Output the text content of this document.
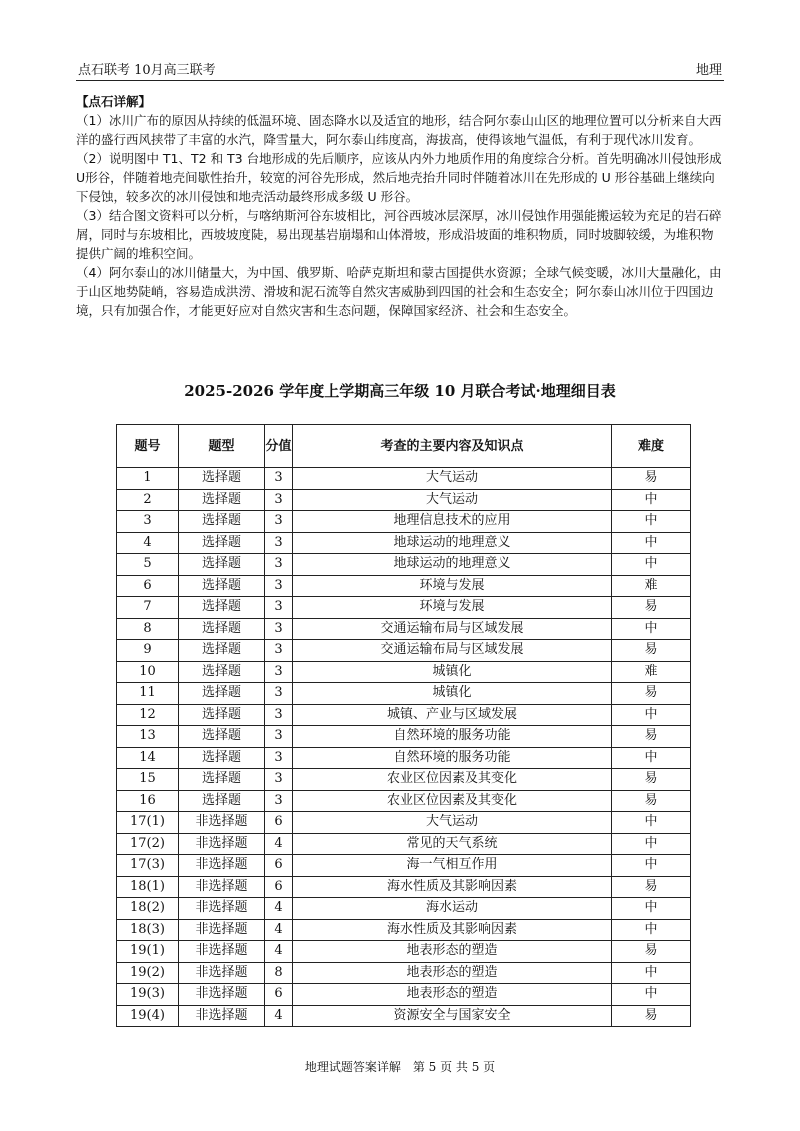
点石联考 10月高三联考	地理

【点石详解】

（1）冰川广布的原因从持续的低温环境、固态降水以及适宜的地形，结合阿尔泰山山区的地理位置可以分析来自大西洋的盛行西风挟带了丰富的水汽，降雪量大，阿尔泰山纬度高，海拔高，使得该地气温低，有利于现代冰川发育。

（2）说明图中 T1、T2 和 T3 台地形成的先后顺序，应该从内外力地质作用的角度综合分析。首先明确冰川侵蚀形成 U形谷，伴随着地壳间歇性抬升，较宽的河谷先形成，然后地壳抬升同时伴随着冰川在先形成的 U 形谷基础上继续向下侵蚀，较多次的冰川侵蚀和地壳活动最终形成多级 U 形谷。

（3）结合图文资料可以分析，与喀纳斯河谷东坡相比，河谷西坡冰层深厚，冰川侵蚀作用强能搬运较为充足的岩石碎屑，同时与东坡相比，西坡坡度陡，易出现基岩崩塌和山体滑坡，形成沿坡面的堆积物质，同时坡脚较缓，为堆积物提供广阔的堆积空间。

（4）阿尔泰山的冰川储量大，为中国、俄罗斯、哈萨克斯坦和蒙古国提供水资源；全球气候变暖，冰川大量融化，由于山区地势陡峭，容易造成洪涝、滑坡和泥石流等自然灾害威胁到四国的社会和生态安全；阿尔泰山冰川位于四国边境，只有加强合作，才能更好应对自然灾害和生态问题，保障国家经济、社会和生态安全。

2025-2026 学年度上学期高三年级 10 月联合考试·地理细目表
题号	题型	分值	考查的主要内容及知识点	难度
1	选择题	3	大气运动	易
2	选择题	3	大气运动	中
3	选择题	3	地理信息技术的应用	中
4	选择题	3	地球运动的地理意义	中
5	选择题	3	地球运动的地理意义	中
6	选择题	3	环境与发展	难
7	选择题	3	环境与发展	易
8	选择题	3	交通运输布局与区域发展	中
9	选择题	3	交通运输布局与区域发展	易
10	选择题	3	城镇化	难
11	选择题	3	城镇化	易
12	选择题	3	城镇、产业与区域发展	中
13	选择题	3	自然环境的服务功能	易
14	选择题	3	自然环境的服务功能	中
15	选择题	3	农业区位因素及其变化	易
16	选择题	3	农业区位因素及其变化	易
17(1)	非选择题	6	大气运动	中
17(2)	非选择题	4	常见的天气系统	中
17(3)	非选择题	6	海一气相互作用	中
18(1)	非选择题	6	海水性质及其影响因素	易
18(2)	非选择题	4	海水运动	中
18(3)	非选择题	4	海水性质及其影响因素	中
19(1)	非选择题	4	地表形态的塑造	易
19(2)	非选择题	8	地表形态的塑造	中
19(3)	非选择题	6	地表形态的塑造	中
19(4)	非选择题	4	资源安全与国家安全	易
地理试题答案详解　第 5 页 共 5 页
